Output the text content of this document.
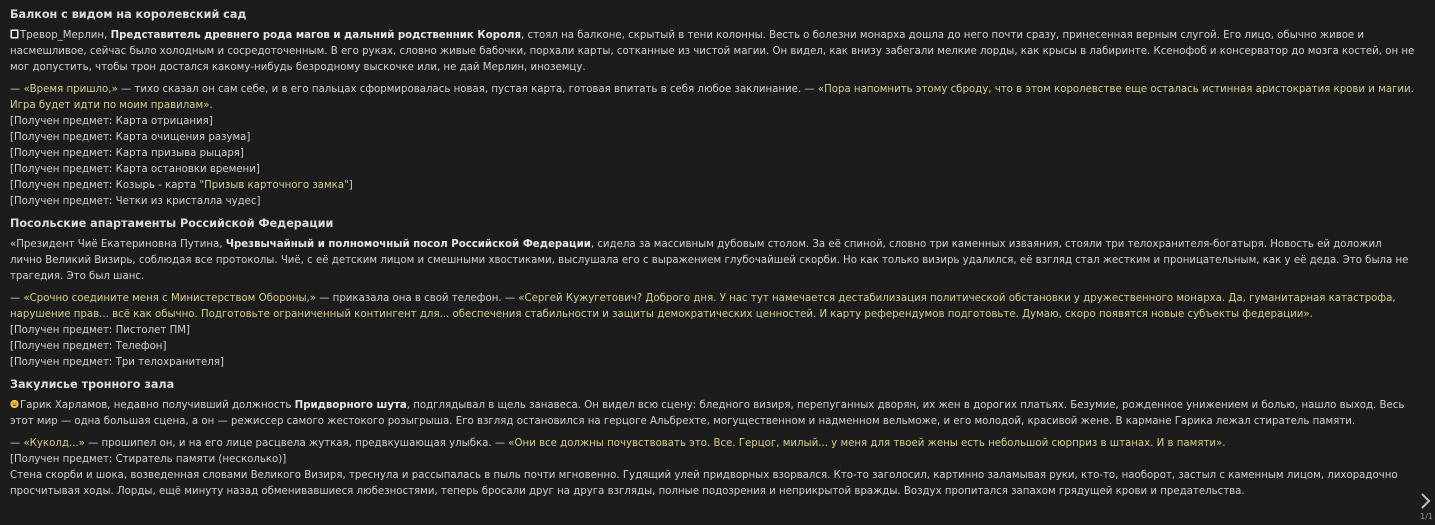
Балкон с видом на королевский сад

Тревор_Мерлин, Представитель древнего рода магов и дальний родственник Короля, стоял на балконе, скрытый в тени колонны. Весть о болезни монарха дошла до него почти сразу, принесенная верным слугой. Его лицо, обычно живое и насмешливое, сейчас было холодным и сосредоточенным. В его руках, словно живые бабочки, порхали карты, сотканные из чистой магии. Он видел, как внизу забегали мелкие лорды, как крысы в лабиринте. Ксенофоб и консерватор до мозга костей, он не мог допустить, чтобы трон достался какому-нибудь безродному выскочке или, не дай Мерлин, иноземцу.

— «Время пришло,» — тихо сказал он сам себе, и в его пальцах сформировалась новая, пустая карта, готовая впитать в себя любое заклинание. — «Пора напомнить этому сброду, что в этом королевстве еще осталась истинная аристократия крови и магии. Игра будет идти по моим правилам».

[Получен предмет: Карта отрицания]

[Получен предмет: Карта очищения разума]

[Получен предмет: Карта призыва рыцаря]

[Получен предмет: Карта остановки времени]

[Получен предмет: Козырь - карта "Призыв карточного замка"]

[Получен предмет: Четки из кристалла чудес]

Посольские апартаменты Российской Федерации

«Президент Чиё Екатериновна Путина, Чрезвычайный и полномочный посол Российской Федерации, сидела за массивным дубовым столом. За её спиной, словно три каменных изваяния, стояли три телохранителя-богатыря. Новость ей доложил лично Великий Визирь, соблюдая все протоколы. Чиё, с её детским лицом и смешными хвостиками, выслушала его с выражением глубочайшей скорби. Но как только визирь удалился, её взгляд стал жестким и проницательным, как у её деда. Это была не трагедия. Это был шанс.

— «Срочно соедините меня с Министерством Обороны,» — приказала она в свой телефон. — «Сергей Кужугетович? Доброго дня. У нас тут намечается дестабилизация политической обстановки у дружественного монарха. Да, гуманитарная катастрофа, нарушение прав... всё как обычно. Подготовьте ограниченный контингент для... обеспечения стабильности и защиты демократических ценностей. И карту референдумов подготовьте. Думаю, скоро появятся новые субъекты федерации».

[Получен предмет: Пистолет ПМ]

[Получен предмет: Телефон]

[Получен предмет: Три телохранителя]

Закулисье тронного зала

Гарик Харламов, недавно получивший должность Придворного шута, подглядывал в щель занавеса. Он видел всю сцену: бледного визиря, перепуганных дворян, их жен в дорогих платьях. Безумие, рожденное унижением и болью, нашло выход. Весь этот мир — одна большая сцена, а он — режиссер самого жестокого розыгрыша. Его взгляд остановился на герцоге Альбрехте, могущественном и надменном вельможе, и его молодой, красивой жене. В кармане Гарика лежал стиратель памяти.

— «Куколд...» — прошипел он, и на его лице расцвела жуткая, предвкушающая улыбка. — «Они все должны почувствовать это. Все. Герцог, милый... у меня для твоей жены есть небольшой сюрприз в штанах. И в памяти».

[Получен предмет: Стиратель памяти (несколько)]

Стена скорби и шока, возведенная словами Великого Визиря, треснула и рассыпалась в пыль почти мгновенно. Гудящий улей придворных взорвался. Кто-то заголосил, картинно заламывая руки, кто-то, наоборот, застыл с каменным лицом, лихорадочно просчитывая ходы. Лорды, ещё минуту назад обменивавшиеся любезностями, теперь бросали друг на друга взгляды, полные подозрения и неприкрытой вражды. Воздух пропитался запахом грядущей крови и предательства.

1/1
